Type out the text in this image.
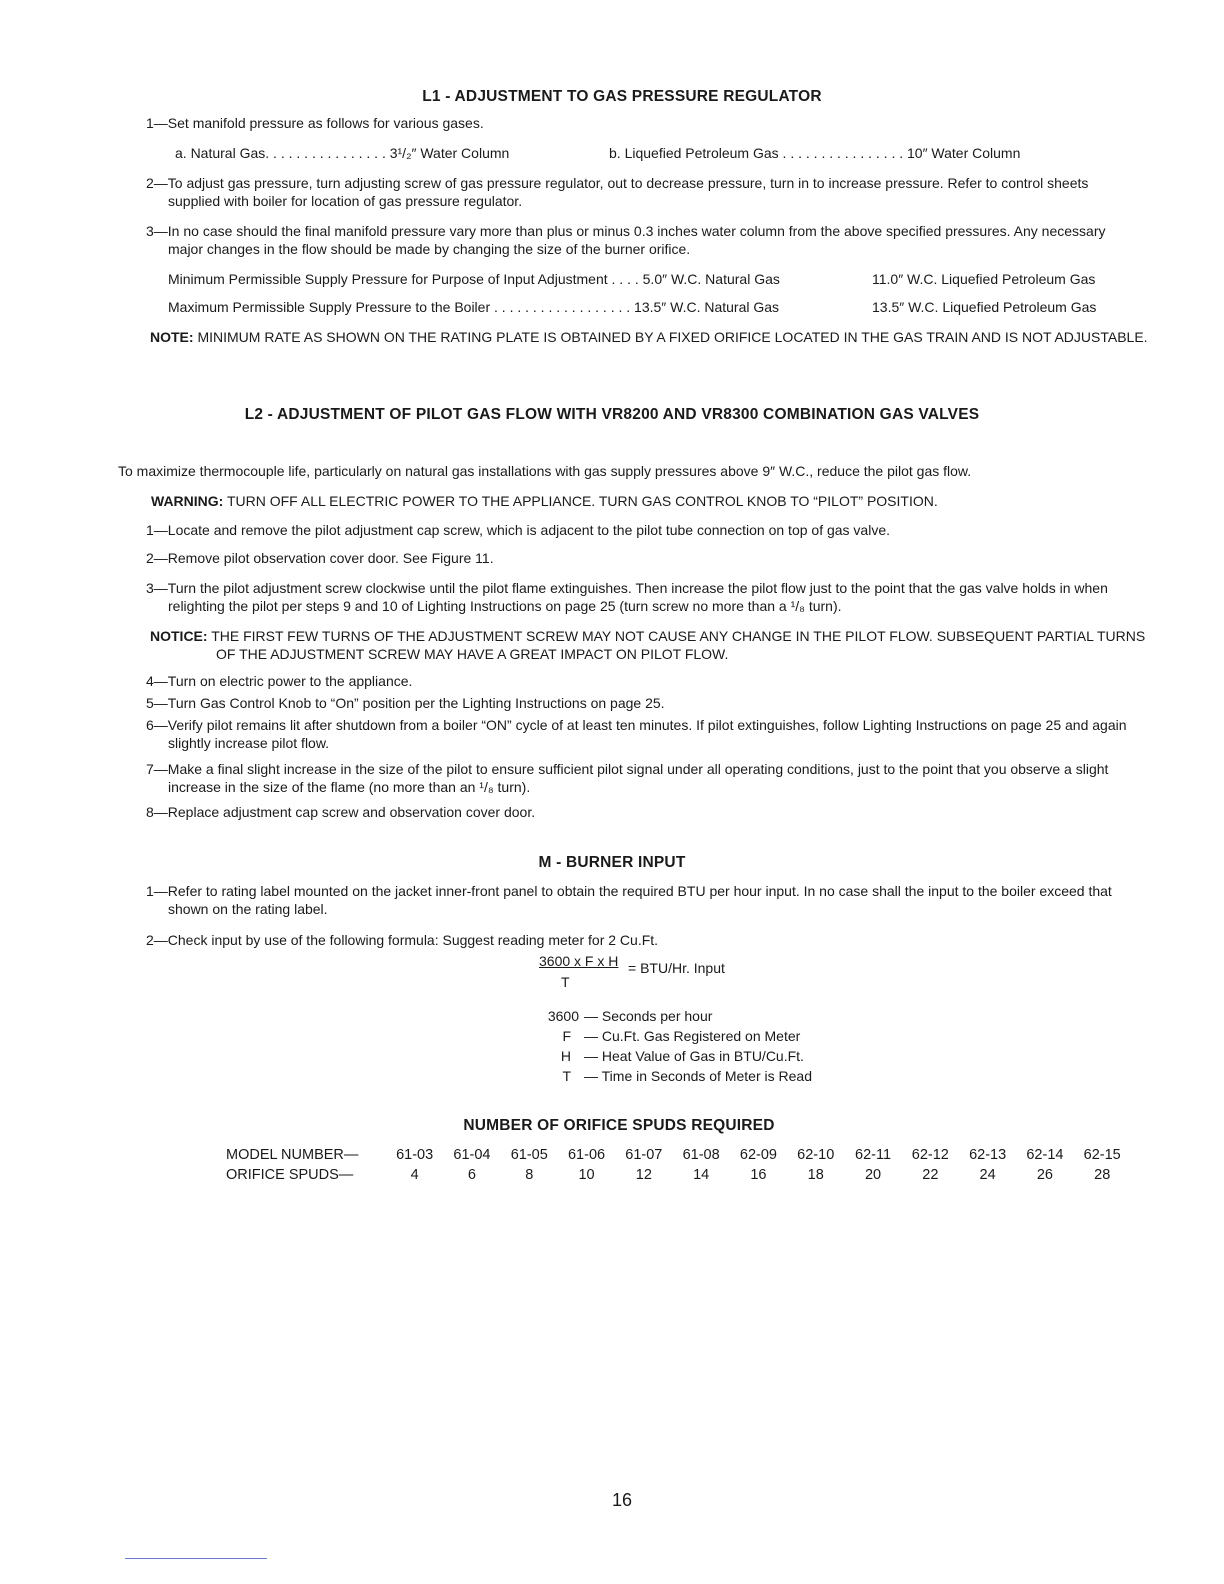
L1 - ADJUSTMENT TO GAS PRESSURE REGULATOR
1—Set manifold pressure as follows for various gases.
a. Natural Gas. . . . . . . . . . . . . . . . 3¹/₂″ Water Column	b. Liquefied Petroleum Gas . . . . . . . . . . . . . . . . 10″ Water Column
2—To adjust gas pressure, turn adjusting screw of gas pressure regulator, out to decrease pressure, turn in to increase pressure. Refer to control sheets supplied with boiler for location of gas pressure regulator.
3—In no case should the final manifold pressure vary more than plus or minus 0.3 inches water column from the above specified pressures. Any necessary major changes in the flow should be made by changing the size of the burner orifice.
Minimum Permissible Supply Pressure for Purpose of Input Adjustment . . . . 5.0″ W.C. Natural Gas	11.0″ W.C. Liquefied Petroleum Gas
Maximum Permissible Supply Pressure to the Boiler . . . . . . . . . . . . . . . . . . 13.5″ W.C. Natural Gas	13.5″ W.C. Liquefied Petroleum Gas
NOTE: MINIMUM RATE AS SHOWN ON THE RATING PLATE IS OBTAINED BY A FIXED ORIFICE LOCATED IN THE GAS TRAIN AND IS NOT ADJUSTABLE.
L2 - ADJUSTMENT OF PILOT GAS FLOW WITH VR8200 AND VR8300 COMBINATION GAS VALVES
To maximize thermocouple life, particularly on natural gas installations with gas supply pressures above 9″ W.C., reduce the pilot gas flow.
WARNING: TURN OFF ALL ELECTRIC POWER TO THE APPLIANCE. TURN GAS CONTROL KNOB TO “PILOT” POSITION.
1—Locate and remove the pilot adjustment cap screw, which is adjacent to the pilot tube connection on top of gas valve.
2—Remove pilot observation cover door. See Figure 11.
3—Turn the pilot adjustment screw clockwise until the pilot flame extinguishes. Then increase the pilot flow just to the point that the gas valve holds in when relighting the pilot per steps 9 and 10 of Lighting Instructions on page 25 (turn screw no more than a ¹/₈ turn).
NOTICE: THE FIRST FEW TURNS OF THE ADJUSTMENT SCREW MAY NOT CAUSE ANY CHANGE IN THE PILOT FLOW. SUBSEQUENT PARTIAL TURNS OF THE ADJUSTMENT SCREW MAY HAVE A GREAT IMPACT ON PILOT FLOW.
4—Turn on electric power to the appliance.
5—Turn Gas Control Knob to “On” position per the Lighting Instructions on page 25.
6—Verify pilot remains lit after shutdown from a boiler “ON” cycle of at least ten minutes. If pilot extinguishes, follow Lighting Instructions on page 25 and again slightly increase pilot flow.
7—Make a final slight increase in the size of the pilot to ensure sufficient pilot signal under all operating conditions, just to the point that you observe a slight increase in the size of the flame (no more than an ¹/₈ turn).
8—Replace adjustment cap screw and observation cover door.
M - BURNER INPUT
1—Refer to rating label mounted on the jacket inner-front panel to obtain the required BTU per hour input. In no case shall the input to the boiler exceed that shown on the rating label.
2—Check input by use of the following formula: Suggest reading meter for 2 Cu.Ft.
3600 x F x H = BTU/Hr. Input
T
3600 — Seconds per hour
F — Cu.Ft. Gas Registered on Meter
H — Heat Value of Gas in BTU/Cu.Ft.
T — Time in Seconds of Meter is Read
NUMBER OF ORIFICE SPUDS REQUIRED
MODEL NUMBER—	61-03	61-04	61-05	61-06	61-07	61-08	62-09	62-10	62-11	62-12	62-13	62-14	62-15
ORIFICE SPUDS—	4	6	8	10	12	14	16	18	20	22	24	26	28
16
